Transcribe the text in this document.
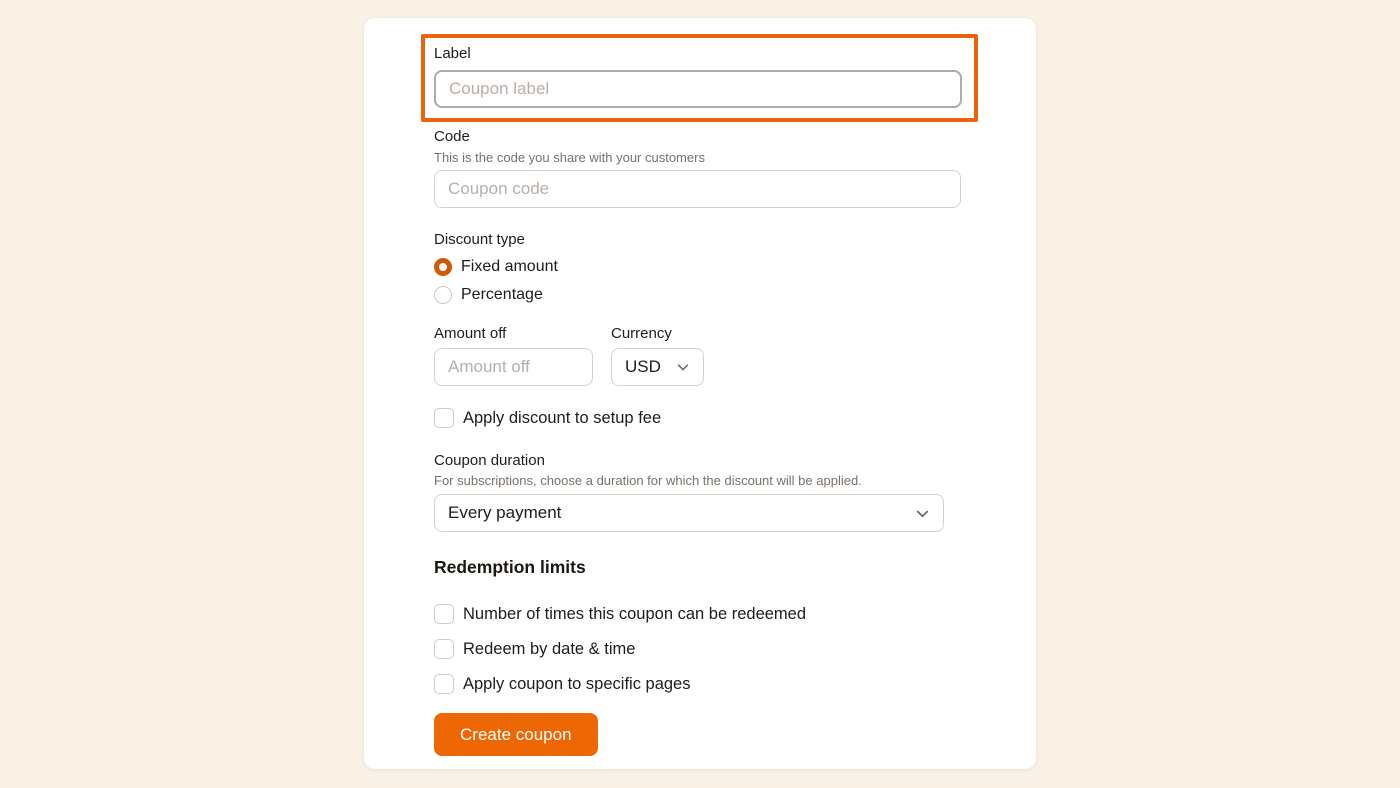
Label
Coupon label
Code
This is the code you share with your customers
Coupon code
Discount type
Fixed amount
Percentage
Amount off
Amount off	Currency
USD
Apply discount to setup fee
Coupon duration
For subscriptions, choose a duration for which the discount will be applied.
Every payment
Redemption limits
Number of times this coupon can be redeemed
Redeem by date & time
Apply coupon to specific pages
Create coupon
